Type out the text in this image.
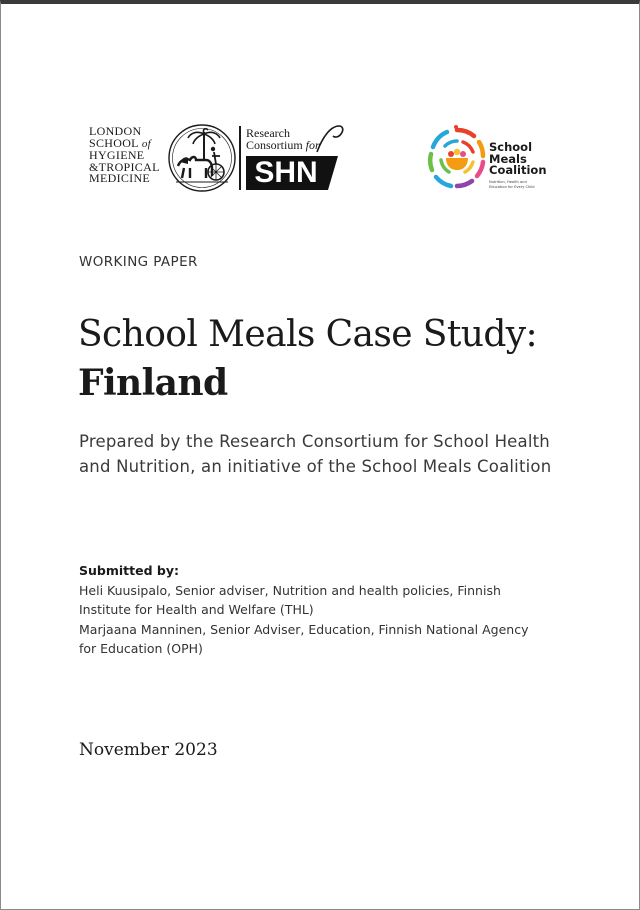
LONDON
SCHOOL of
HYGIENE
&TROPICAL
MEDICINE
Research
Consortium for
SHN
School
Meals
Coalition
Nutrition, Health and
Education for Every Child
WORKING PAPER
School Meals Case Study:
Finland
Prepared by the Research Consortium for School Health
and Nutrition, an initiative of the School Meals Coalition
Submitted by:
Heli Kuusipalo, Senior adviser, Nutrition and health policies, Finnish
Institute for Health and Welfare (THL)
Marjaana Manninen, Senior Adviser, Education, Finnish National Agency
for Education (OPH)
November 2023
